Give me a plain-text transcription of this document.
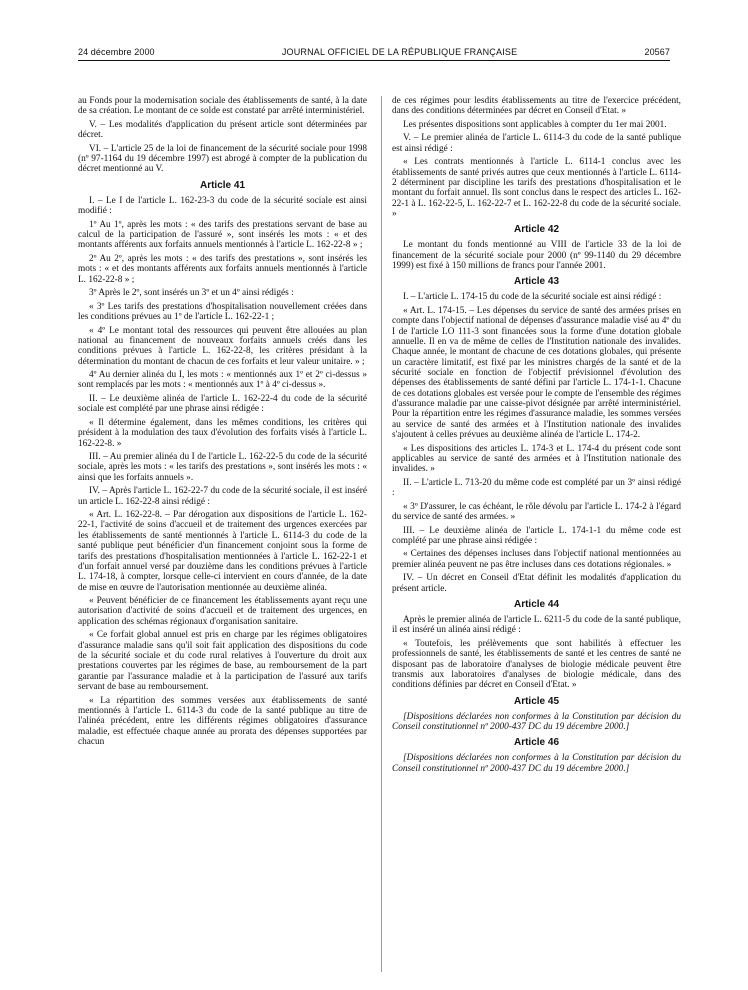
24 décembre 2000	JOURNAL OFFICIEL DE LA RÉPUBLIQUE FRANÇAISE	20567

au Fonds pour la modernisation sociale des établissements de santé, à la date de sa création. Le montant de ce solde est constaté par arrêté interministériel.

V. – Les modalités d'application du présent article sont déterminées par décret.

VI. – L'article 25 de la loi de financement de la sécurité sociale pour 1998 (nº 97-1164 du 19 décembre 1997) est abrogé à compter de la publication du décret mentionné au V.

Article 41

I. – Le I de l'article L. 162-23-3 du code de la sécurité sociale est ainsi modifié :

1º Au 1º, après les mots : « des tarifs des prestations servant de base au calcul de la participation de l'assuré », sont insérés les mots : « et des montants afférents aux forfaits annuels mentionnés à l'article L. 162-22-8 » ;

2º Au 2º, après les mots : « des tarifs des prestations », sont insérés les mots : « et des montants afférents aux forfaits annuels mentionnés à l'article L. 162-22-8 » ;

3º Après le 2º, sont insérés un 3º et un 4º ainsi rédigés :

« 3º Les tarifs des prestations d'hospitalisation nouvellement créées dans les conditions prévues au 1º de l'article L. 162-22-1 ;

« 4º Le montant total des ressources qui peuvent être allouées au plan national au financement de nouveaux forfaits annuels créés dans les conditions prévues à l'article L. 162-22-8, les critères présidant à la détermination du montant de chacun de ces forfaits et leur valeur unitaire. » ;

4º Au dernier alinéa du I, les mots : « mentionnés aux 1º et 2º ci-dessus » sont remplacés par les mots : « mentionnés aux 1º à 4º ci-dessus ».

II. – Le deuxième alinéa de l'article L. 162-22-4 du code de la sécurité sociale est complété par une phrase ainsi rédigée :

« Il détermine également, dans les mêmes conditions, les critères qui président à la modulation des taux d'évolution des forfaits visés à l'article L. 162-22-8. »

III. – Au premier alinéa du I de l'article L. 162-22-5 du code de la sécurité sociale, après les mots : « les tarifs des prestations », sont insérés les mots : « ainsi que les forfaits annuels ».

IV. – Après l'article L. 162-22-7 du code de la sécurité sociale, il est inséré un article L. 162-22-8 ainsi rédigé :

« Art. L. 162-22-8. – Par dérogation aux dispositions de l'article L. 162-22-1, l'activité de soins d'accueil et de traitement des urgences exercées par les établissements de santé mentionnés à l'article L. 6114-3 du code de la santé publique peut bénéficier d'un financement conjoint sous la forme de tarifs des prestations d'hospitalisation mentionnées à l'article L. 162-22-1 et d'un forfait annuel versé par douzième dans les conditions prévues à l'article L. 174-18, à compter, lorsque celle-ci intervient en cours d'année, de la date de mise en œuvre de l'autorisation mentionnée au deuxième alinéa.

« Peuvent bénéficier de ce financement les établissements ayant reçu une autorisation d'activité de soins d'accueil et de traitement des urgences, en application des schémas régionaux d'organisation sanitaire.

« Ce forfait global annuel est pris en charge par les régimes obligatoires d'assurance maladie sans qu'il soit fait application des dispositions du code de la sécurité sociale et du code rural relatives à l'ouverture du droit aux prestations couvertes par les régimes de base, au remboursement de la part garantie par l'assurance maladie et à la participation de l'assuré aux tarifs servant de base au remboursement.

« La répartition des sommes versées aux établissements de santé mentionnés à l'article L. 6114-3 du code de la santé publique au titre de l'alinéa précédent, entre les différents régimes obligatoires d'assurance maladie, est effectuée chaque année au prorata des dépenses supportées par chacun

de ces régimes pour lesdits établissements au titre de l'exercice précédent, dans des conditions déterminées par décret en Conseil d'Etat. »

Les présentes dispositions sont applicables à compter du 1er mai 2001.

V. – Le premier alinéa de l'article L. 6114-3 du code de la santé publique est ainsi rédigé :

« Les contrats mentionnés à l'article L. 6114-1 conclus avec les établissements de santé privés autres que ceux mentionnés à l'article L. 6114-2 déterminent par discipline les tarifs des prestations d'hospitalisation et le montant du forfait annuel. Ils sont conclus dans le respect des articles L. 162-22-1 à L. 162-22-5, L. 162-22-7 et L. 162-22-8 du code de la sécurité sociale. »

Article 42

Le montant du fonds mentionné au VIII de l'article 33 de la loi de financement de la sécurité sociale pour 2000 (nº 99-1140 du 29 décembre 1999) est fixé à 150 millions de francs pour l'année 2001.

Article 43

I. – L'article L. 174-15 du code de la sécurité sociale est ainsi rédigé :

« Art. L. 174-15. – Les dépenses du service de santé des armées prises en compte dans l'objectif national de dépenses d'assurance maladie visé au 4º du I de l'article LO 111-3 sont financées sous la forme d'une dotation globale annuelle. Il en va de même de celles de l'Institution nationale des invalides. Chaque année, le montant de chacune de ces dotations globales, qui présente un caractère limitatif, est fixé par les ministres chargés de la santé et de la sécurité sociale en fonction de l'objectif prévisionnel d'évolution des dépenses des établissements de santé défini par l'article L. 174-1-1. Chacune de ces dotations globales est versée pour le compte de l'ensemble des régimes d'assurance maladie par une caisse-pivot désignée par arrêté interministériel. Pour la répartition entre les régimes d'assurance maladie, les sommes versées au service de santé des armées et à l'Institution nationale des invalides s'ajoutent à celles prévues au deuxième alinéa de l'article L. 174-2.

« Les dispositions des articles L. 174-3 et L. 174-4 du présent code sont applicables au service de santé des armées et à l'Institution nationale des invalides. »

II. – L'article L. 713-20 du même code est complété par un 3º ainsi rédigé :

« 3º D'assurer, le cas échéant, le rôle dévolu par l'article L. 174-2 à l'égard du service de santé des armées. »

III. – Le deuxième alinéa de l'article L. 174-1-1 du même code est complété par une phrase ainsi rédigée :

« Certaines des dépenses incluses dans l'objectif national mentionnées au premier alinéa peuvent ne pas être incluses dans ces dotations régionales. »

IV. – Un décret en Conseil d'Etat définit les modalités d'application du présent article.

Article 44

Après le premier alinéa de l'article L. 6211-5 du code de la santé publique, il est inséré un alinéa ainsi rédigé :

« Toutefois, les prélèvements que sont habilités à effectuer les professionnels de santé, les établissements de santé et les centres de santé ne disposant pas de laboratoire d'analyses de biologie médicale peuvent être transmis aux laboratoires d'analyses de biologie médicale, dans des conditions définies par décret en Conseil d'Etat. »

Article 45

[Dispositions déclarées non conformes à la Constitution par décision du Conseil constitutionnel nº 2000-437 DC du 19 décembre 2000.]

Article 46

[Dispositions déclarées non conformes à la Constitution par décision du Conseil constitutionnel nº 2000-437 DC du 19 décembre 2000.]
